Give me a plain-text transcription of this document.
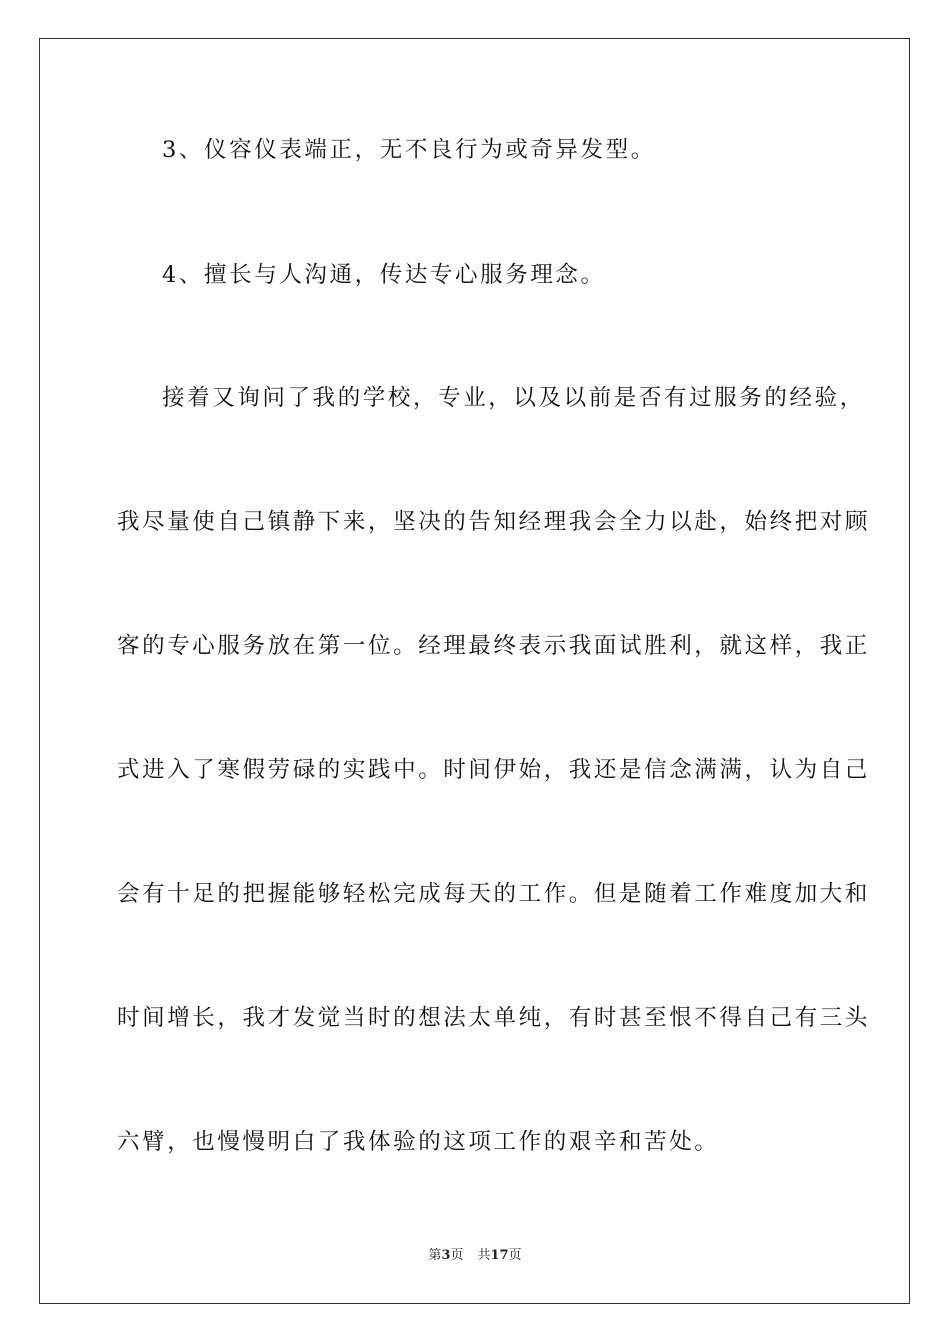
3、仪容仪表端正，无不良行为或奇异发型。
4、擅长与人沟通，传达专心服务理念。
接着又询问了我的学校，专业，以及以前是否有过服务的经验，
我尽量使自己镇静下来，坚决的告知经理我会全力以赴，始终把对顾
客的专心服务放在第一位。经理最终表示我面试胜利，就这样，我正
式进入了寒假劳碌的实践中。时间伊始，我还是信念满满，认为自己
会有十足的把握能够轻松完成每天的工作。但是随着工作难度加大和
时间增长，我才发觉当时的想法太单纯，有时甚至恨不得自己有三头
六臂，也慢慢明白了我体验的这项工作的艰辛和苦处。
第3页 共17页
